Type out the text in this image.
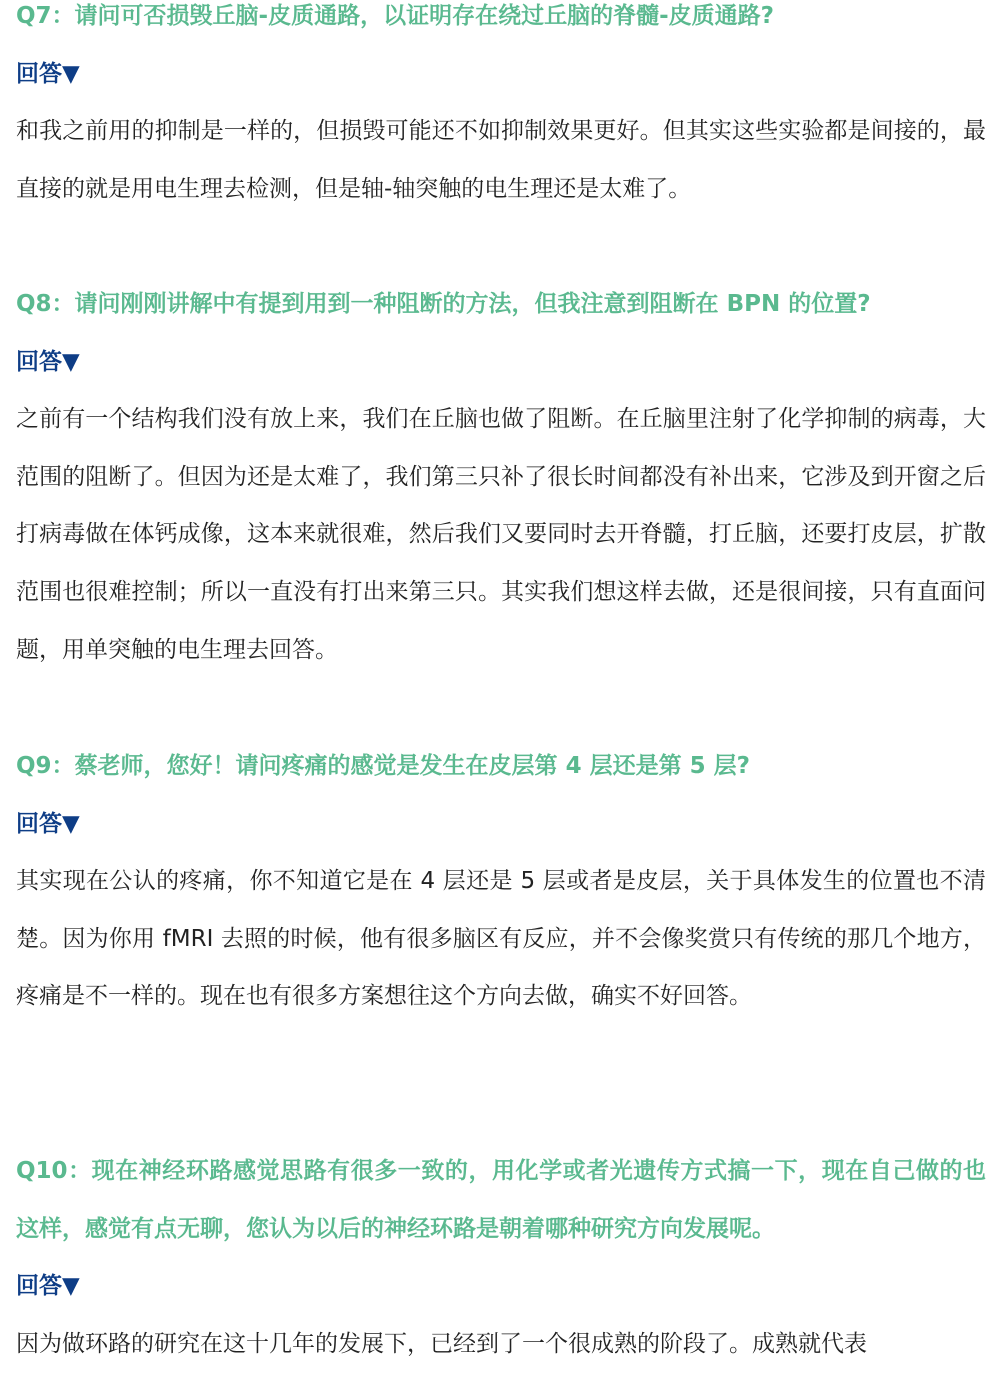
Q7：请问可否损毁丘脑-皮质通路，以证明存在绕过丘脑的脊髓-皮质通路?

回答▼

和我之前用的抑制是一样的，但损毁可能还不如抑制效果更好。但其实这些实验都是间接的，最直接的就是用电生理去检测，但是轴-轴突触的电生理还是太难了。

Q8：请问刚刚讲解中有提到用到一种阻断的方法，但我注意到阻断在 BPN 的位置?

回答▼

之前有一个结构我们没有放上来，我们在丘脑也做了阻断。在丘脑里注射了化学抑制的病毒，大范围的阻断了。但因为还是太难了，我们第三只补了很长时间都没有补出来，它涉及到开窗之后打病毒做在体钙成像，这本来就很难，然后我们又要同时去开脊髓，打丘脑，还要打皮层，扩散范围也很难控制；所以一直没有打出来第三只。其实我们想这样去做，还是很间接，只有直面问题，用单突触的电生理去回答。

Q9：蔡老师，您好！请问疼痛的感觉是发生在皮层第 4 层还是第 5 层?

回答▼

其实现在公认的疼痛，你不知道它是在 4 层还是 5 层或者是皮层，关于具体发生的位置也不清楚。因为你用 fMRI 去照的时候，他有很多脑区有反应，并不会像奖赏只有传统的那几个地方，疼痛是不一样的。现在也有很多方案想往这个方向去做，确实不好回答。

Q10：现在神经环路感觉思路有很多一致的，用化学或者光遗传方式搞一下，现在自己做的也这样，感觉有点无聊，您认为以后的神经环路是朝着哪种研究方向发展呢。

回答▼

因为做环路的研究在这十几年的发展下，已经到了一个很成熟的阶段了。成熟就代表
